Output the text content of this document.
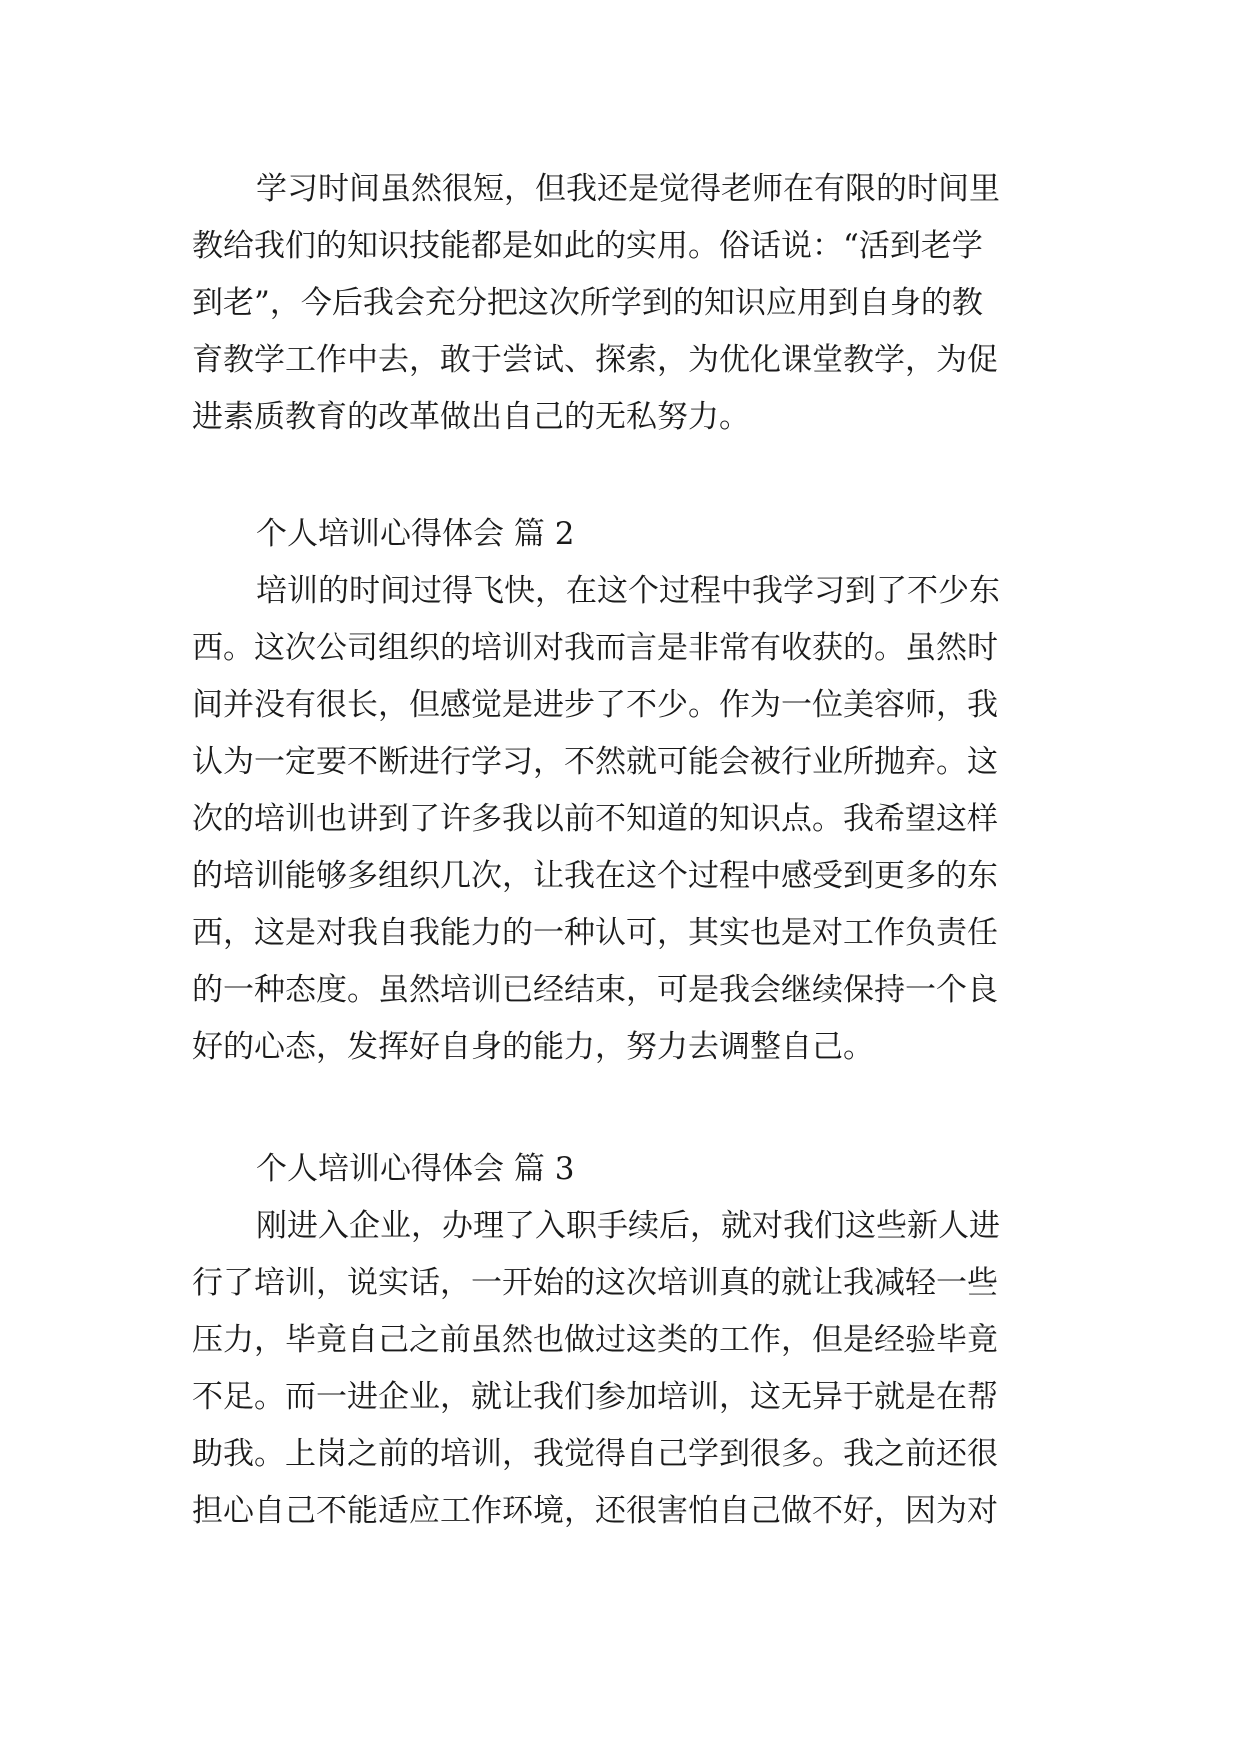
学习时间虽然很短，但我还是觉得老师在有限的时间里
教给我们的知识技能都是如此的实用。俗话说：“活到老学
到老”，今后我会充分把这次所学到的知识应用到自身的教
育教学工作中去，敢于尝试、探索，为优化课堂教学，为促
进素质教育的改革做出自己的无私努力。
个人培训心得体会 篇 2
培训的时间过得飞快，在这个过程中我学习到了不少东
西。这次公司组织的培训对我而言是非常有收获的。虽然时
间并没有很长，但感觉是进步了不少。作为一位美容师，我
认为一定要不断进行学习，不然就可能会被行业所抛弃。这
次的培训也讲到了许多我以前不知道的知识点。我希望这样
的培训能够多组织几次，让我在这个过程中感受到更多的东
西，这是对我自我能力的一种认可，其实也是对工作负责任
的一种态度。虽然培训已经结束，可是我会继续保持一个良
好的心态，发挥好自身的能力，努力去调整自己。
个人培训心得体会 篇 3
刚进入企业，办理了入职手续后，就对我们这些新人进
行了培训，说实话，一开始的这次培训真的就让我减轻一些
压力，毕竟自己之前虽然也做过这类的工作，但是经验毕竟
不足。而一进企业，就让我们参加培训，这无异于就是在帮
助我。上岗之前的培训，我觉得自己学到很多。我之前还很
担心自己不能适应工作环境，还很害怕自己做不好，因为对
